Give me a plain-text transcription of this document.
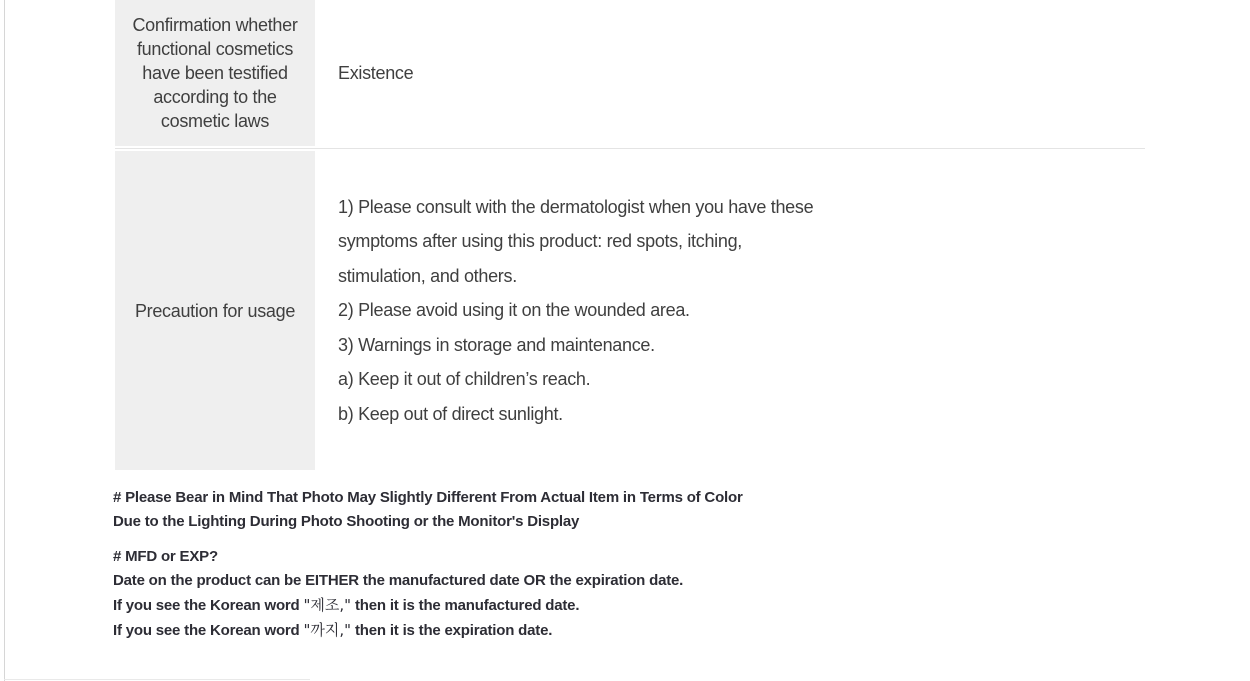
Confirmation whether functional cosmetics have been testified according to the cosmetic laws
Existence
Precaution for usage
1) Please consult with the dermatologist when you have these
symptoms after using this product: red spots, itching,
stimulation, and others.
2) Please avoid using it on the wounded area.
3) Warnings in storage and maintenance.
a) Keep it out of children’s reach.
b) Keep out of direct sunlight.

# Please Bear in Mind That Photo May Slightly Different From Actual Item in Terms of Color
Due to the Lighting During Photo Shooting or the Monitor's Display

# MFD or EXP?
Date on the product can be EITHER the manufactured date OR the expiration date.
If you see the Korean word "제조," then it is the manufactured date.
If you see the Korean word "까지," then it is the expiration date.
